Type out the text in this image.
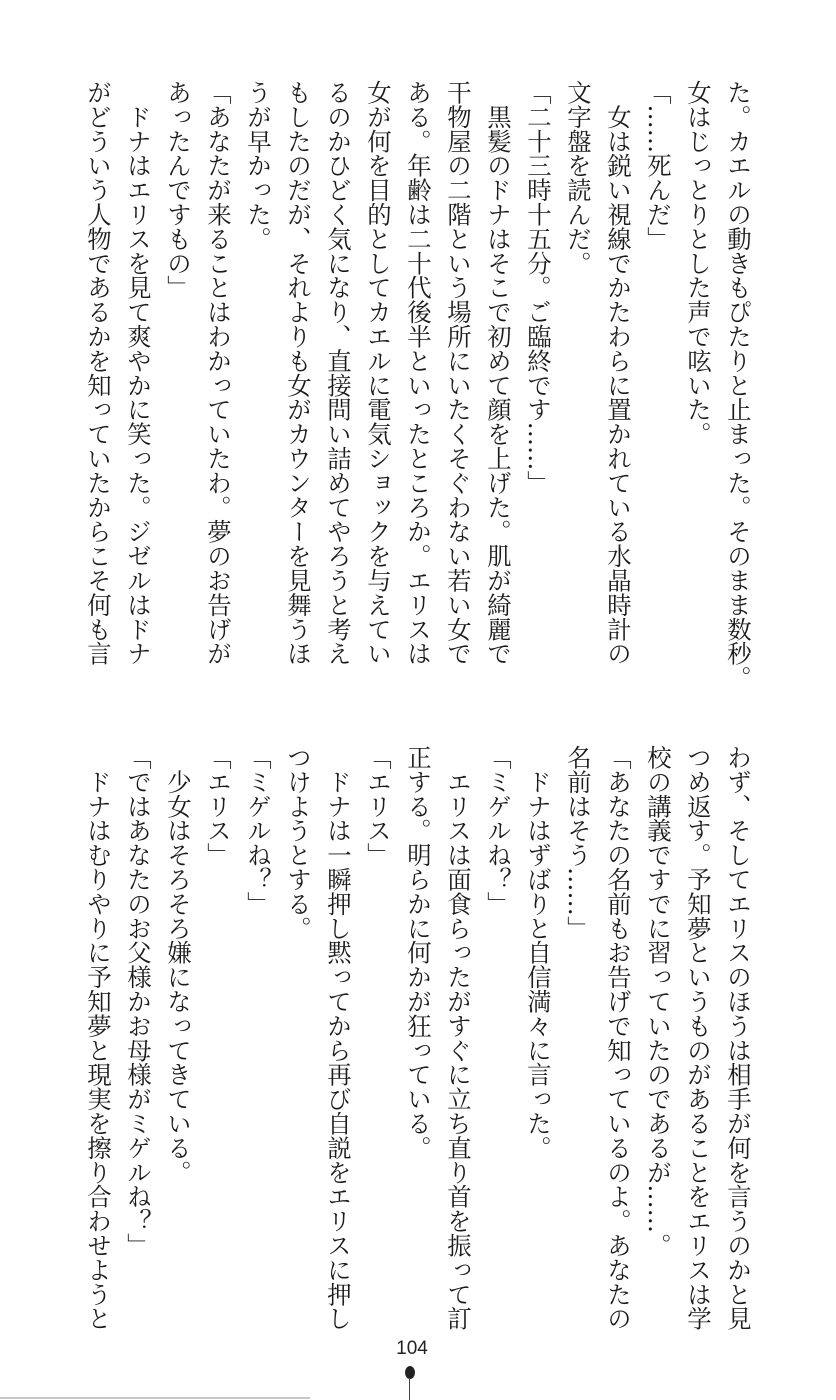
た。カエルの動きもぴたりと止まった。そのまま数秒。
女はじっとりとした声で呟いた。
「……死んだ」
　女は鋭い視線でかたわらに置かれている水晶時計の
文字盤を読んだ。
「二十三時十五分。ご臨終です……」
　黒髪のドナはそこで初めて顔を上げた。肌が綺麗で
干物屋の二階という場所にいたくそぐわない若い女で
ある。年齢は二十代後半といったところか。エリスは
女が何を目的としてカエルに電気ショックを与えてい
るのかひどく気になり、直接問い詰めてやろうと考え
もしたのだが、それよりも女がカウンターを見舞うほ
うが早かった。
「あなたが来ることはわかっていたわ。夢のお告げが
あったんですもの」
　ドナはエリスを見て爽やかに笑った。ジゼルはドナ
がどういう人物であるかを知っていたからこそ何も言
わず、そしてエリスのほうは相手が何を言うのかと見
つめ返す。予知夢というものがあることをエリスは学
校の講義ですでに習っていたのであるが……。
「あなたの名前もお告げで知っているのよ。あなたの
名前はそう……」
　ドナはずばりと自信満々に言った。
「ミゲルね？」
　エリスは面食らったがすぐに立ち直り首を振って訂
正する。明らかに何かが狂っている。
「エリス」
　ドナは一瞬押し黙ってから再び自説をエリスに押し
つけようとする。
「ミゲルね？」
「エリス」
　少女はそろそろ嫌になってきている。
「ではあなたのお父様かお母様がミゲルね？」
　ドナはむりやりに予知夢と現実を擦り合わせようと
104
